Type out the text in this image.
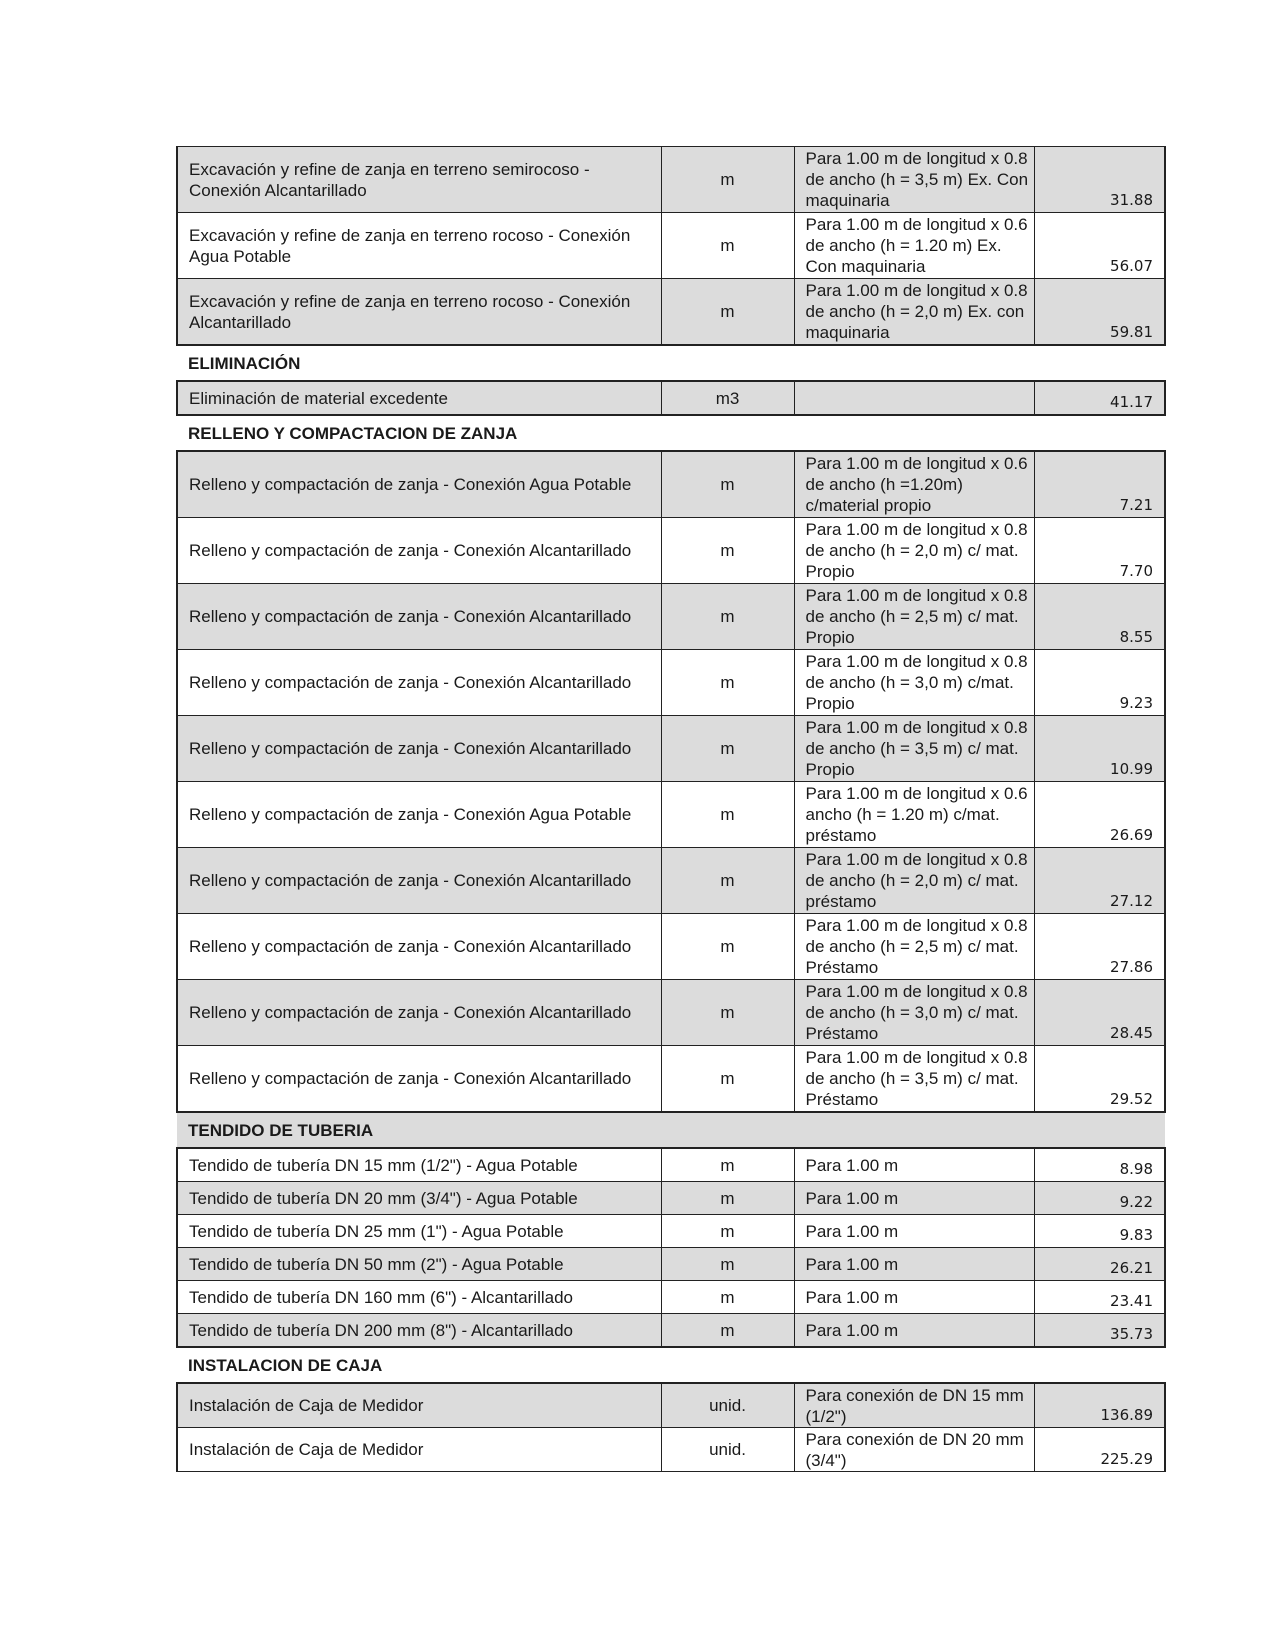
Excavación y refine de zanja en terreno semirocoso - Conexión Alcantarillado	m	Para 1.00 m de longitud x 0.8 de ancho (h = 3,5 m) Ex. Con maquinaria	31.88
Excavación y refine de zanja en terreno rocoso - Conexión Agua Potable	m	Para 1.00 m de longitud x 0.6 de ancho (h = 1.20 m) Ex. Con maquinaria	56.07
Excavación y refine de zanja en terreno rocoso - Conexión Alcantarillado	m	Para 1.00 m de longitud x 0.8 de ancho (h = 2,0 m) Ex. con maquinaria	59.81
ELIMINACIÓN			
Eliminación de material excedente	m3		41.17
RELLENO Y COMPACTACION DE ZANJA			
Relleno y compactación de zanja - Conexión Agua Potable	m	Para 1.00 m de longitud x 0.6 de ancho (h =1.20m) c/material propio	7.21
Relleno y compactación de zanja - Conexión Alcantarillado	m	Para 1.00 m de longitud x 0.8 de ancho (h = 2,0 m) c/ mat. Propio	7.70
Relleno y compactación de zanja - Conexión Alcantarillado	m	Para 1.00 m de longitud x 0.8 de ancho (h = 2,5 m) c/ mat. Propio	8.55
Relleno y compactación de zanja - Conexión Alcantarillado	m	Para 1.00 m de longitud x 0.8 de ancho (h = 3,0 m) c/mat. Propio	9.23
Relleno y compactación de zanja - Conexión Alcantarillado	m	Para 1.00 m de longitud x 0.8 de ancho (h = 3,5 m) c/ mat. Propio	10.99
Relleno y compactación de zanja - Conexión Agua Potable	m	Para 1.00 m de longitud x 0.6 ancho (h = 1.20 m) c/mat. préstamo	26.69
Relleno y compactación de zanja - Conexión Alcantarillado	m	Para 1.00 m de longitud x 0.8 de ancho (h = 2,0 m) c/ mat. préstamo	27.12
Relleno y compactación de zanja - Conexión Alcantarillado	m	Para 1.00 m de longitud x 0.8 de ancho (h = 2,5 m) c/ mat. Préstamo	27.86
Relleno y compactación de zanja - Conexión Alcantarillado	m	Para 1.00 m de longitud x 0.8 de ancho (h = 3,0 m) c/ mat. Préstamo	28.45
Relleno y compactación de zanja - Conexión Alcantarillado	m	Para 1.00 m de longitud x 0.8 de ancho (h = 3,5 m) c/ mat. Préstamo	29.52
TENDIDO DE TUBERIA			
Tendido de tubería DN 15 mm (1/2") - Agua Potable	m	Para 1.00 m	8.98
Tendido de tubería DN 20 mm (3/4") - Agua Potable	m	Para 1.00 m	9.22
Tendido de tubería DN 25 mm (1") - Agua Potable	m	Para 1.00 m	9.83
Tendido de tubería DN 50 mm (2") - Agua Potable	m	Para 1.00 m	26.21
Tendido de tubería DN 160 mm (6") - Alcantarillado	m	Para 1.00 m	23.41
Tendido de tubería DN 200 mm (8") - Alcantarillado	m	Para 1.00 m	35.73
INSTALACION DE CAJA			
Instalación de Caja de Medidor	unid.	Para conexión de DN 15 mm (1/2")	136.89
Instalación de Caja de Medidor	unid.	Para conexión de DN 20 mm (3/4")	225.29
